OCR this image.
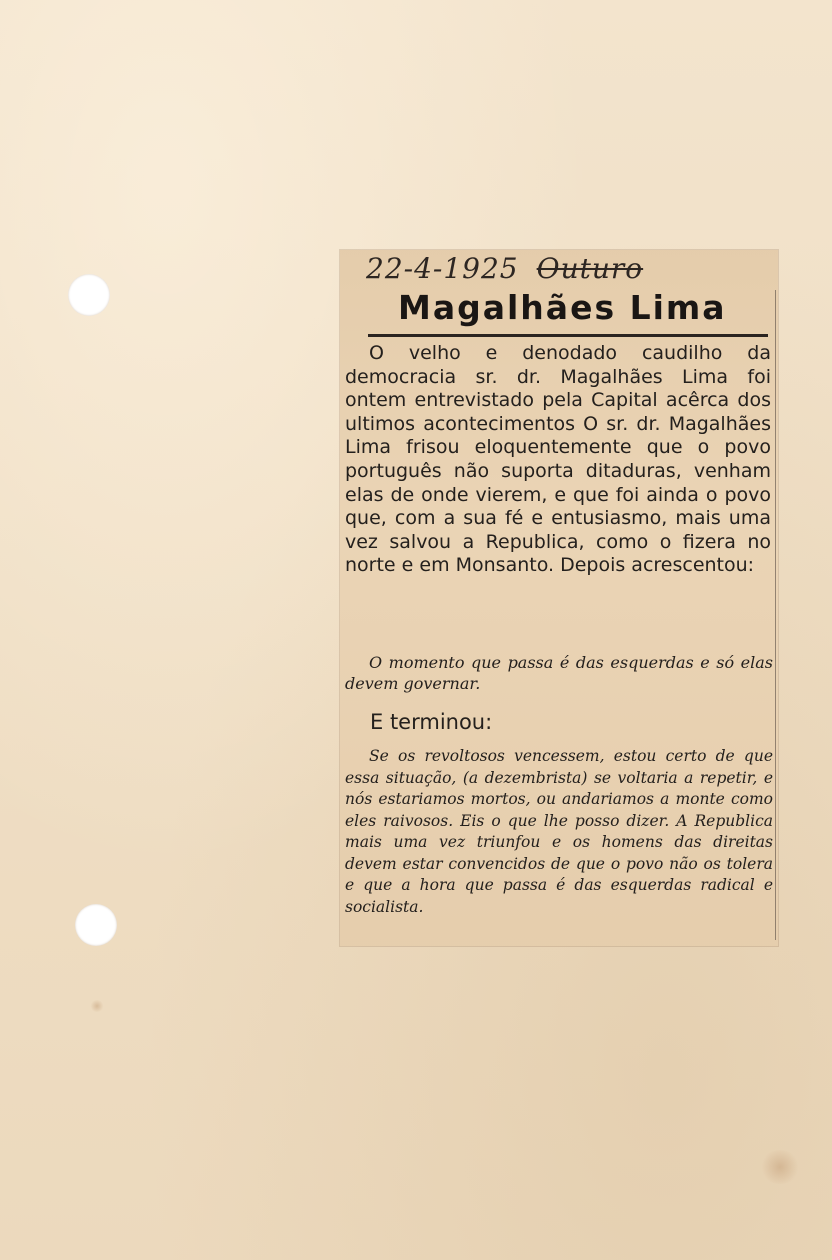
22-4-1925 Outuro
Magalhães Lima

O velho e denodado caudilho da democracia sr. dr. Magalhães Lima foi ontem entrevistado pela Capital acêrca dos ultimos acontecimentos O sr. dr. Magalhães Lima frisou eloquentemente que o povo português não suporta ditaduras, venham elas de onde vierem, e que foi ainda o povo que, com a sua fé e entusiasmo, mais uma vez salvou a Republica, como o fizera no norte e em Monsanto. Depois acrescentou:

O momento que passa é das esquerdas e só elas devem governar.

E terminou:

Se os revoltosos vencessem, estou certo de que essa situação, (a dezembrista) se voltaria a repetir, e nós estariamos mortos, ou andariamos a monte como eles raivosos. Eis o que lhe posso dizer. A Republica mais uma vez triunfou e os homens das direitas devem estar convencidos de que o povo não os tolera e que a hora que passa é das esquerdas radical e socialista.
